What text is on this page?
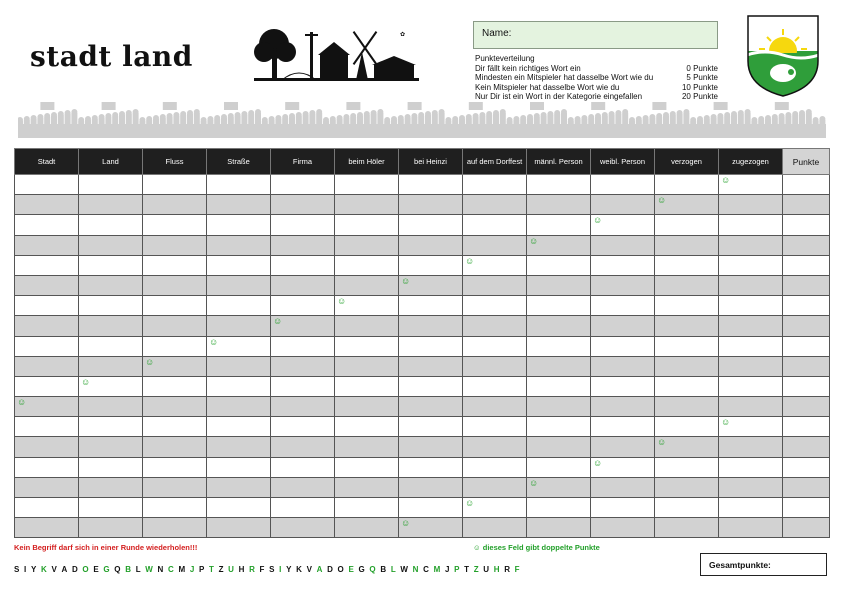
stadt land
✿	Name:
Punkteverteilung
Dir fällt kein richtiges Wort ein	0 Punkte
Mindesten ein Mitspieler hat dasselbe Wort wie du	5 Punkte
Kein Mitspieler hat dasselbe Wort wie du	10 Punkte
Nur Dir ist ein Wort in der Kategorie eingefallen	20 Punkte
Stadt	Land	Fluss	Straße	Firma	beim Höler	bei Heinzi	auf dem Dorffest	männl. Person	weibl. Person	verzogen	zugezogen	Punkte
											☺	
										☺		
									☺			
								☺				
							☺					
						☺						
					☺							
				☺								
			☺									
		☺										
	☺											
☺												
											☺	
										☺		
									☺			
								☺				
							☺					
						☺						
Kein Begriff darf sich in einer Runde wiederholen!!!	☺ dieses Feld gibt doppelte Punkte
S I Y K V A D O E G Q B L W N C M J P T Z U H R F S I Y K V A D O E G Q B L W N C M J P T Z U H R F	Gesamtpunkte:
